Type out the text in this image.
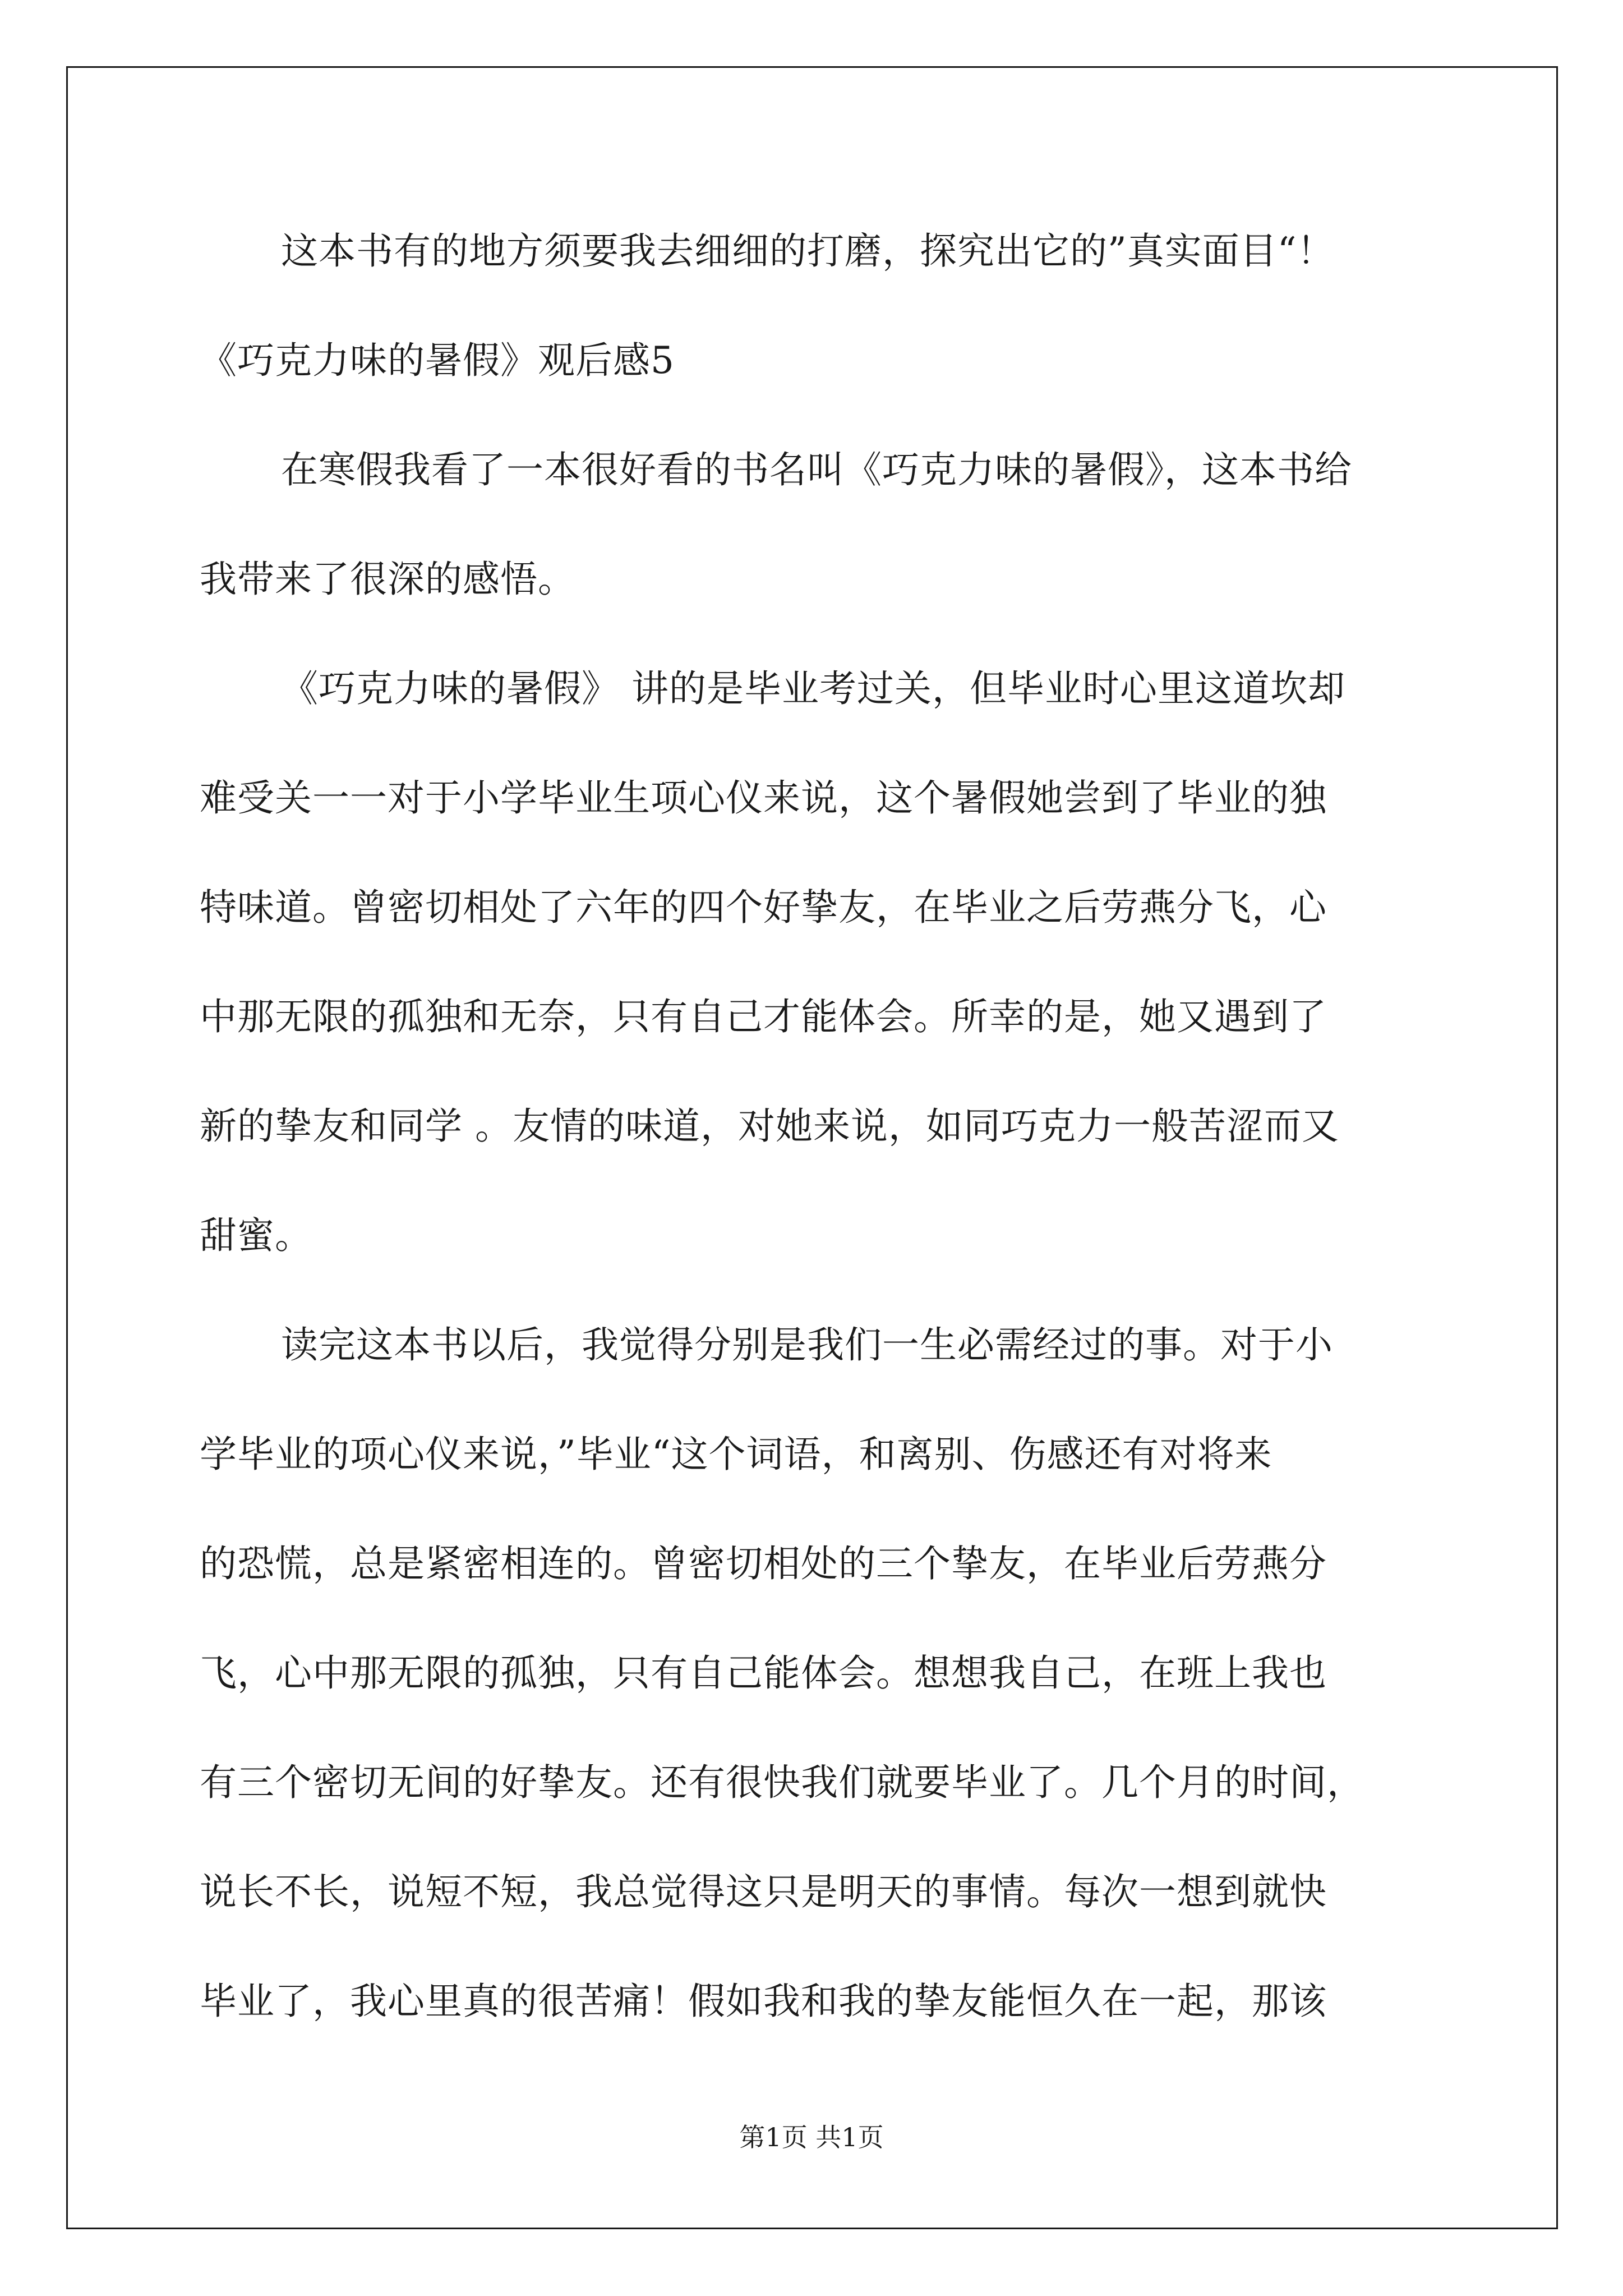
这本书有的地方须要我去细细的打磨，探究出它的”真实面目“！
《巧克力味的暑假》观后感5
在寒假我看了一本很好看的书名叫《巧克力味的暑假》，这本书给
我带来了很深的感悟。
《巧克力味的暑假》 讲的是毕业考过关，但毕业时心里这道坎却
难受关一一对于小学毕业生项心仪来说，这个暑假她尝到了毕业的独
特味道。曾密切相处了六年的四个好挚友，在毕业之后劳燕分飞，心
中那无限的孤独和无奈，只有自己才能体会。所幸的是，她又遇到了
新的挚友和同学 。友情的味道，对她来说，如同巧克力一般苦涩而又
甜蜜。
读完这本书以后，我觉得分别是我们一生必需经过的事。对于小
学毕业的项心仪来说，”毕业“这个词语，和离别、伤感还有对将来
的恐慌，总是紧密相连的。曾密切相处的三个挚友，在毕业后劳燕分
飞，心中那无限的孤独，只有自己能体会。想想我自己，在班上我也
有三个密切无间的好挚友。还有很快我们就要毕业了。几个月的时间，
说长不长，说短不短，我总觉得这只是明天的事情。每次一想到就快
毕业了，我心里真的很苦痛！假如我和我的挚友能恒久在一起，那该
第1页 共1页
